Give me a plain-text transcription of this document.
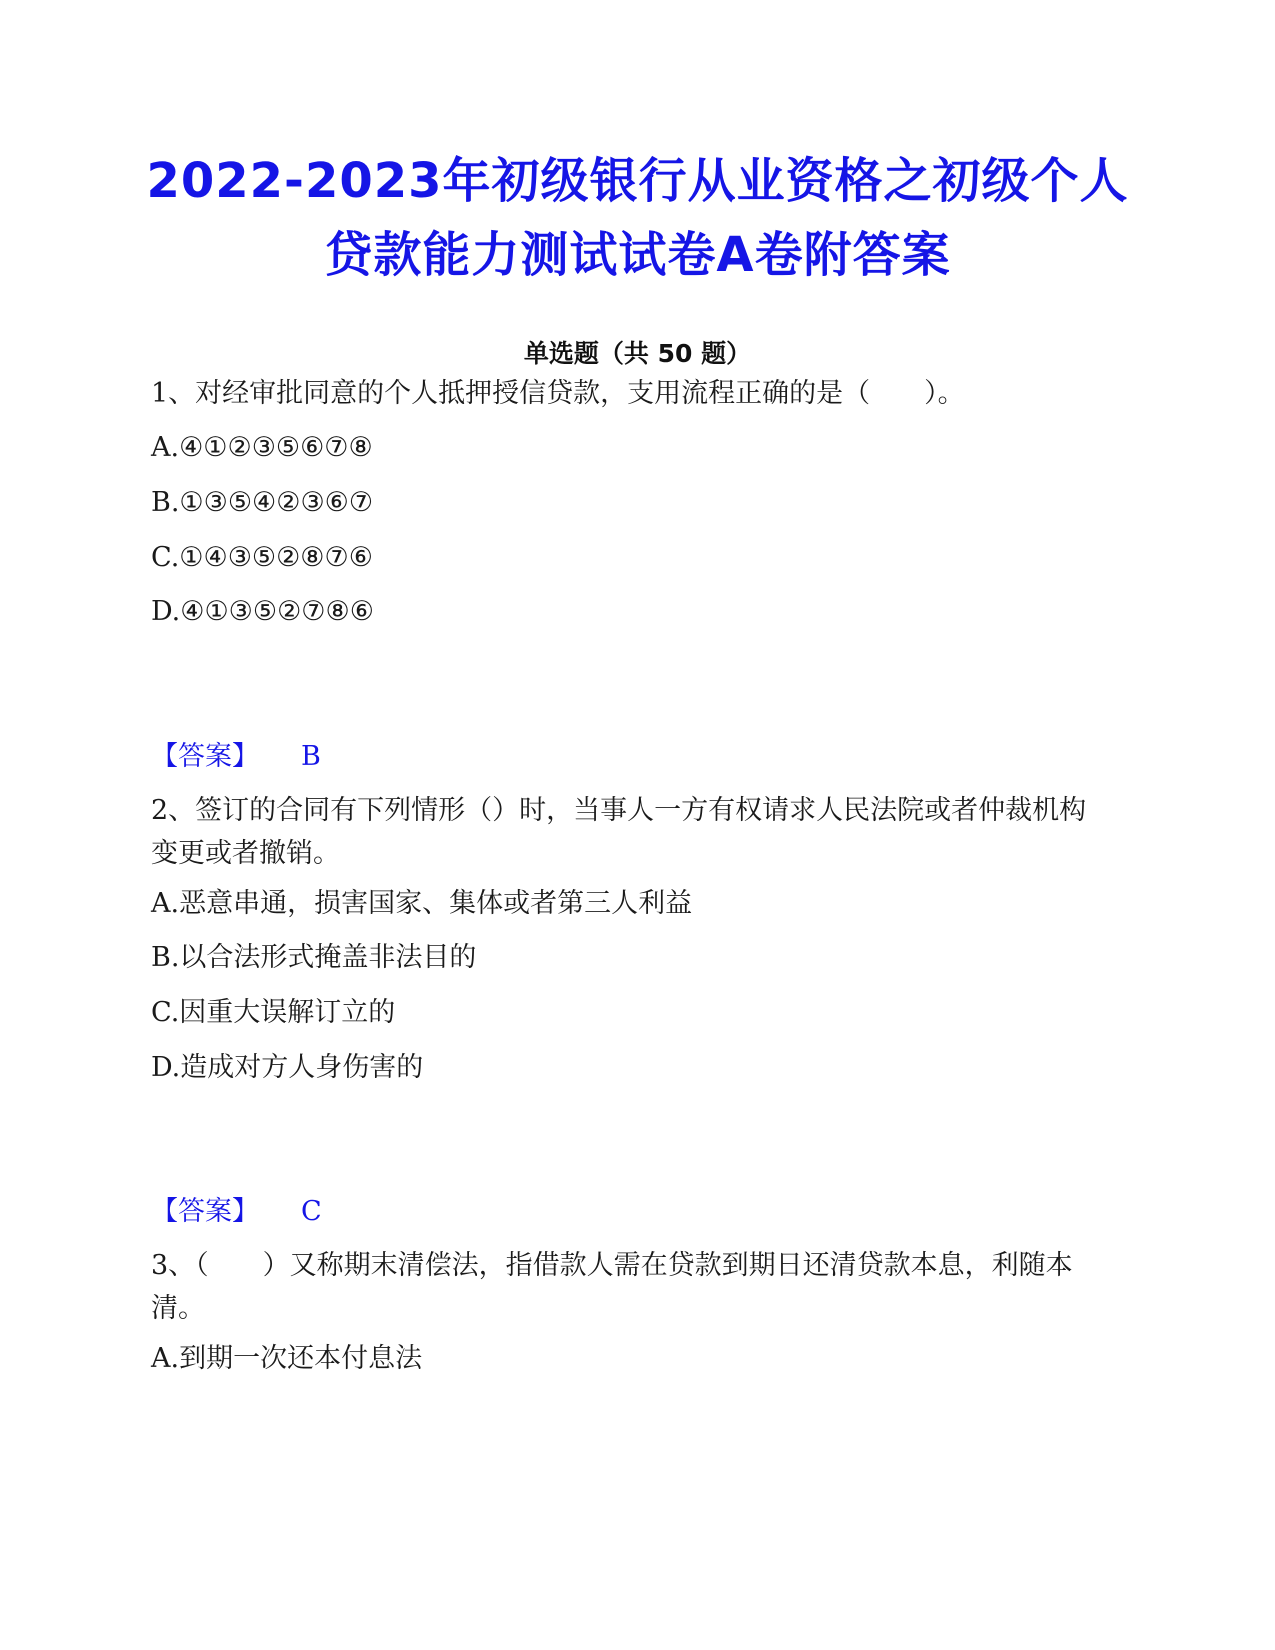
2022-2023年初级银行从业资格之初级个人
贷款能力测试试卷A卷附答案
单选题（共 50 题）
1、对经审批同意的个人抵押授信贷款，支用流程正确的是（　　）。
A.④①②③⑤⑥⑦⑧
B.①③⑤④②③⑥⑦
C.①④③⑤②⑧⑦⑥
D.④①③⑤②⑦⑧⑥
【答案】 B
2、签订的合同有下列情形（）时，当事人一方有权请求人民法院或者仲裁机构变更或者撤销。
A.恶意串通，损害国家、集体或者第三人利益
B.以合法形式掩盖非法目的
C.因重大误解订立的
D.造成对方人身伤害的
【答案】 C
3、（　　）又称期末清偿法，指借款人需在贷款到期日还清贷款本息，利随本清。
A.到期一次还本付息法
